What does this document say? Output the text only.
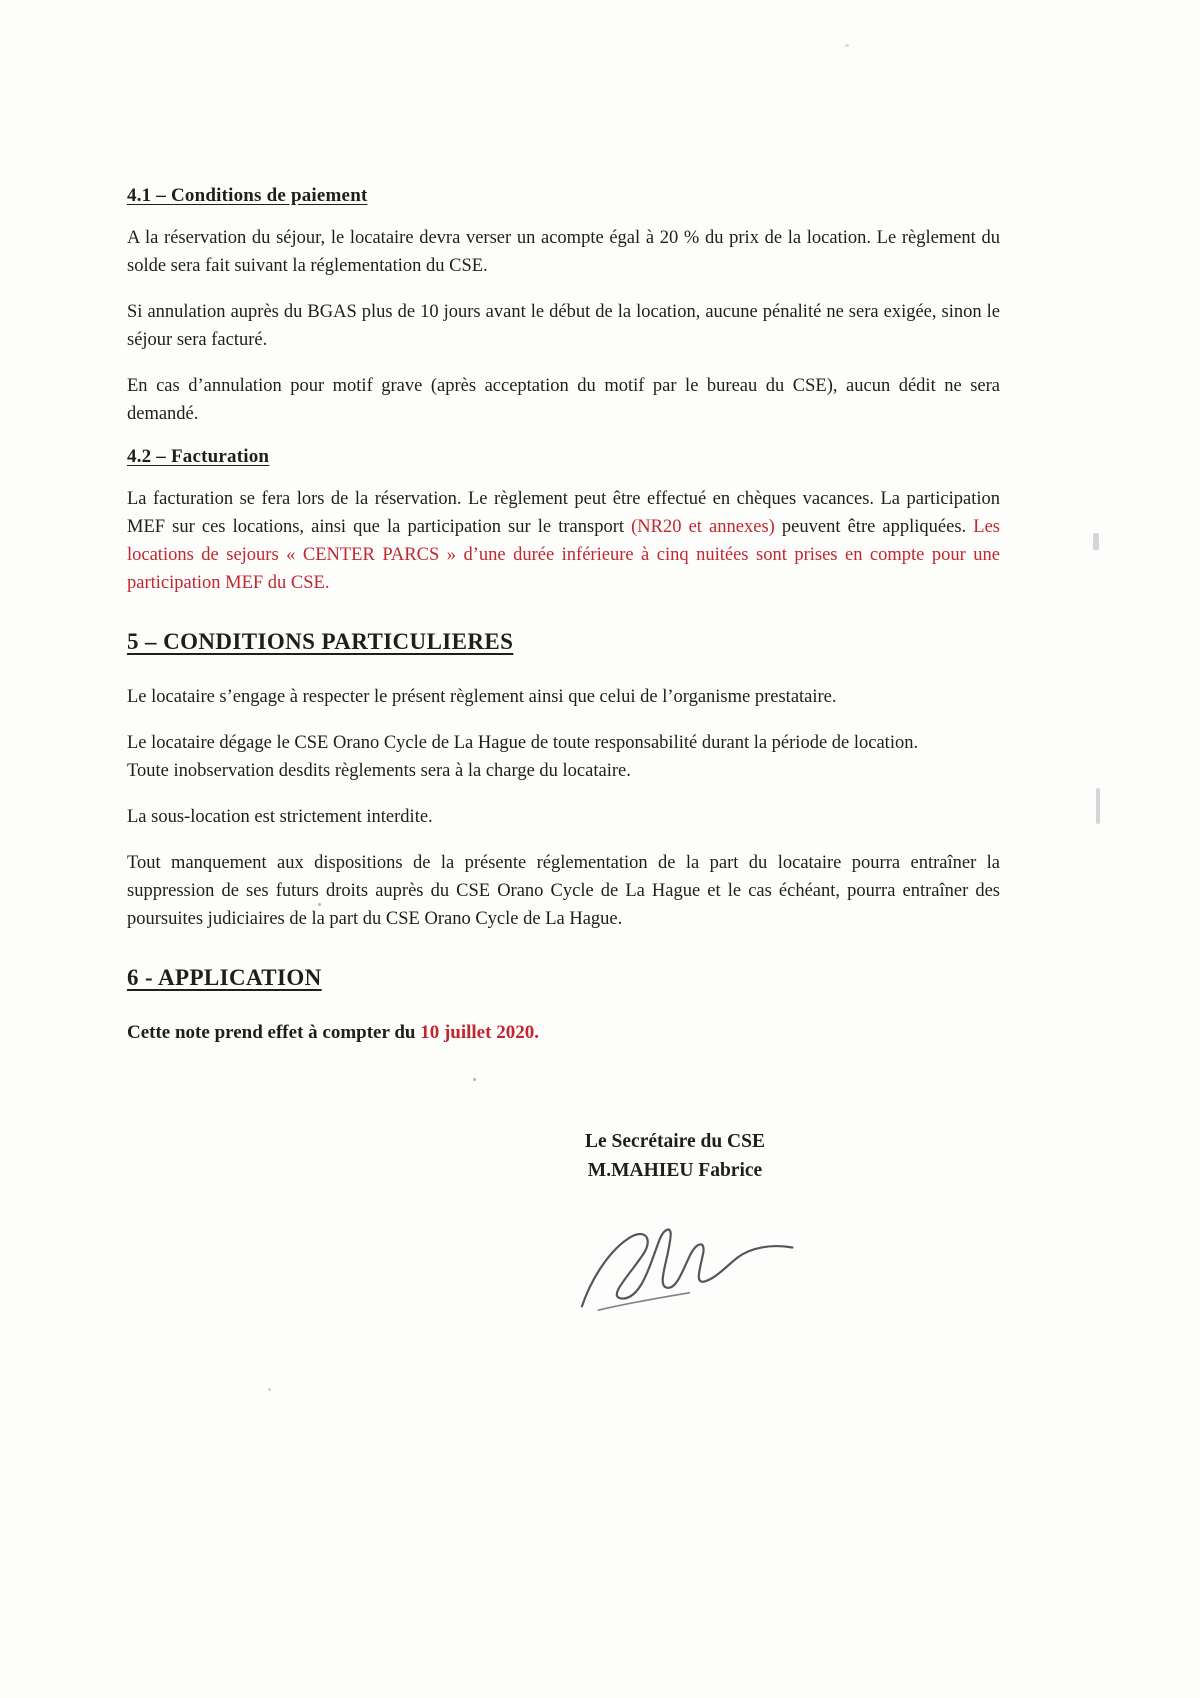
4.1 – Conditions de paiement

A la réservation du séjour, le locataire devra verser un acompte égal à 20 % du prix de la location. Le règlement du solde sera fait suivant la réglementation du CSE.

Si annulation auprès du BGAS plus de 10 jours avant le début de la location, aucune pénalité ne sera exigée, sinon le séjour sera facturé.

En cas d’annulation pour motif grave (après acceptation du motif par le bureau du CSE), aucun dédit ne sera demandé.

4.2 – Facturation

La facturation se fera lors de la réservation. Le règlement peut être effectué en chèques vacances. La participation MEF sur ces locations, ainsi que la participation sur le transport (NR20 et annexes) peuvent être appliquées. Les locations de sejours « CENTER PARCS » d’une durée inférieure à cinq nuitées sont prises en compte pour une participation MEF du CSE.

5 – CONDITIONS PARTICULIERES

Le locataire s’engage à respecter le présent règlement ainsi que celui de l’organisme prestataire.

Le locataire dégage le CSE Orano Cycle de La Hague de toute responsabilité durant la période de location.
Toute inobservation desdits règlements sera à la charge du locataire.

La sous-location est strictement interdite.

Tout manquement aux dispositions de la présente réglementation de la part du locataire pourra entraîner la suppression de ses futurs droits auprès du CSE Orano Cycle de La Hague et le cas échéant, pourra entraîner des poursuites judiciaires de la part du CSE Orano Cycle de La Hague.

6 - APPLICATION

Cette note prend effet à compter du 10 juillet 2020.

Le Secrétaire du CSE
M.MAHIEU Fabrice
